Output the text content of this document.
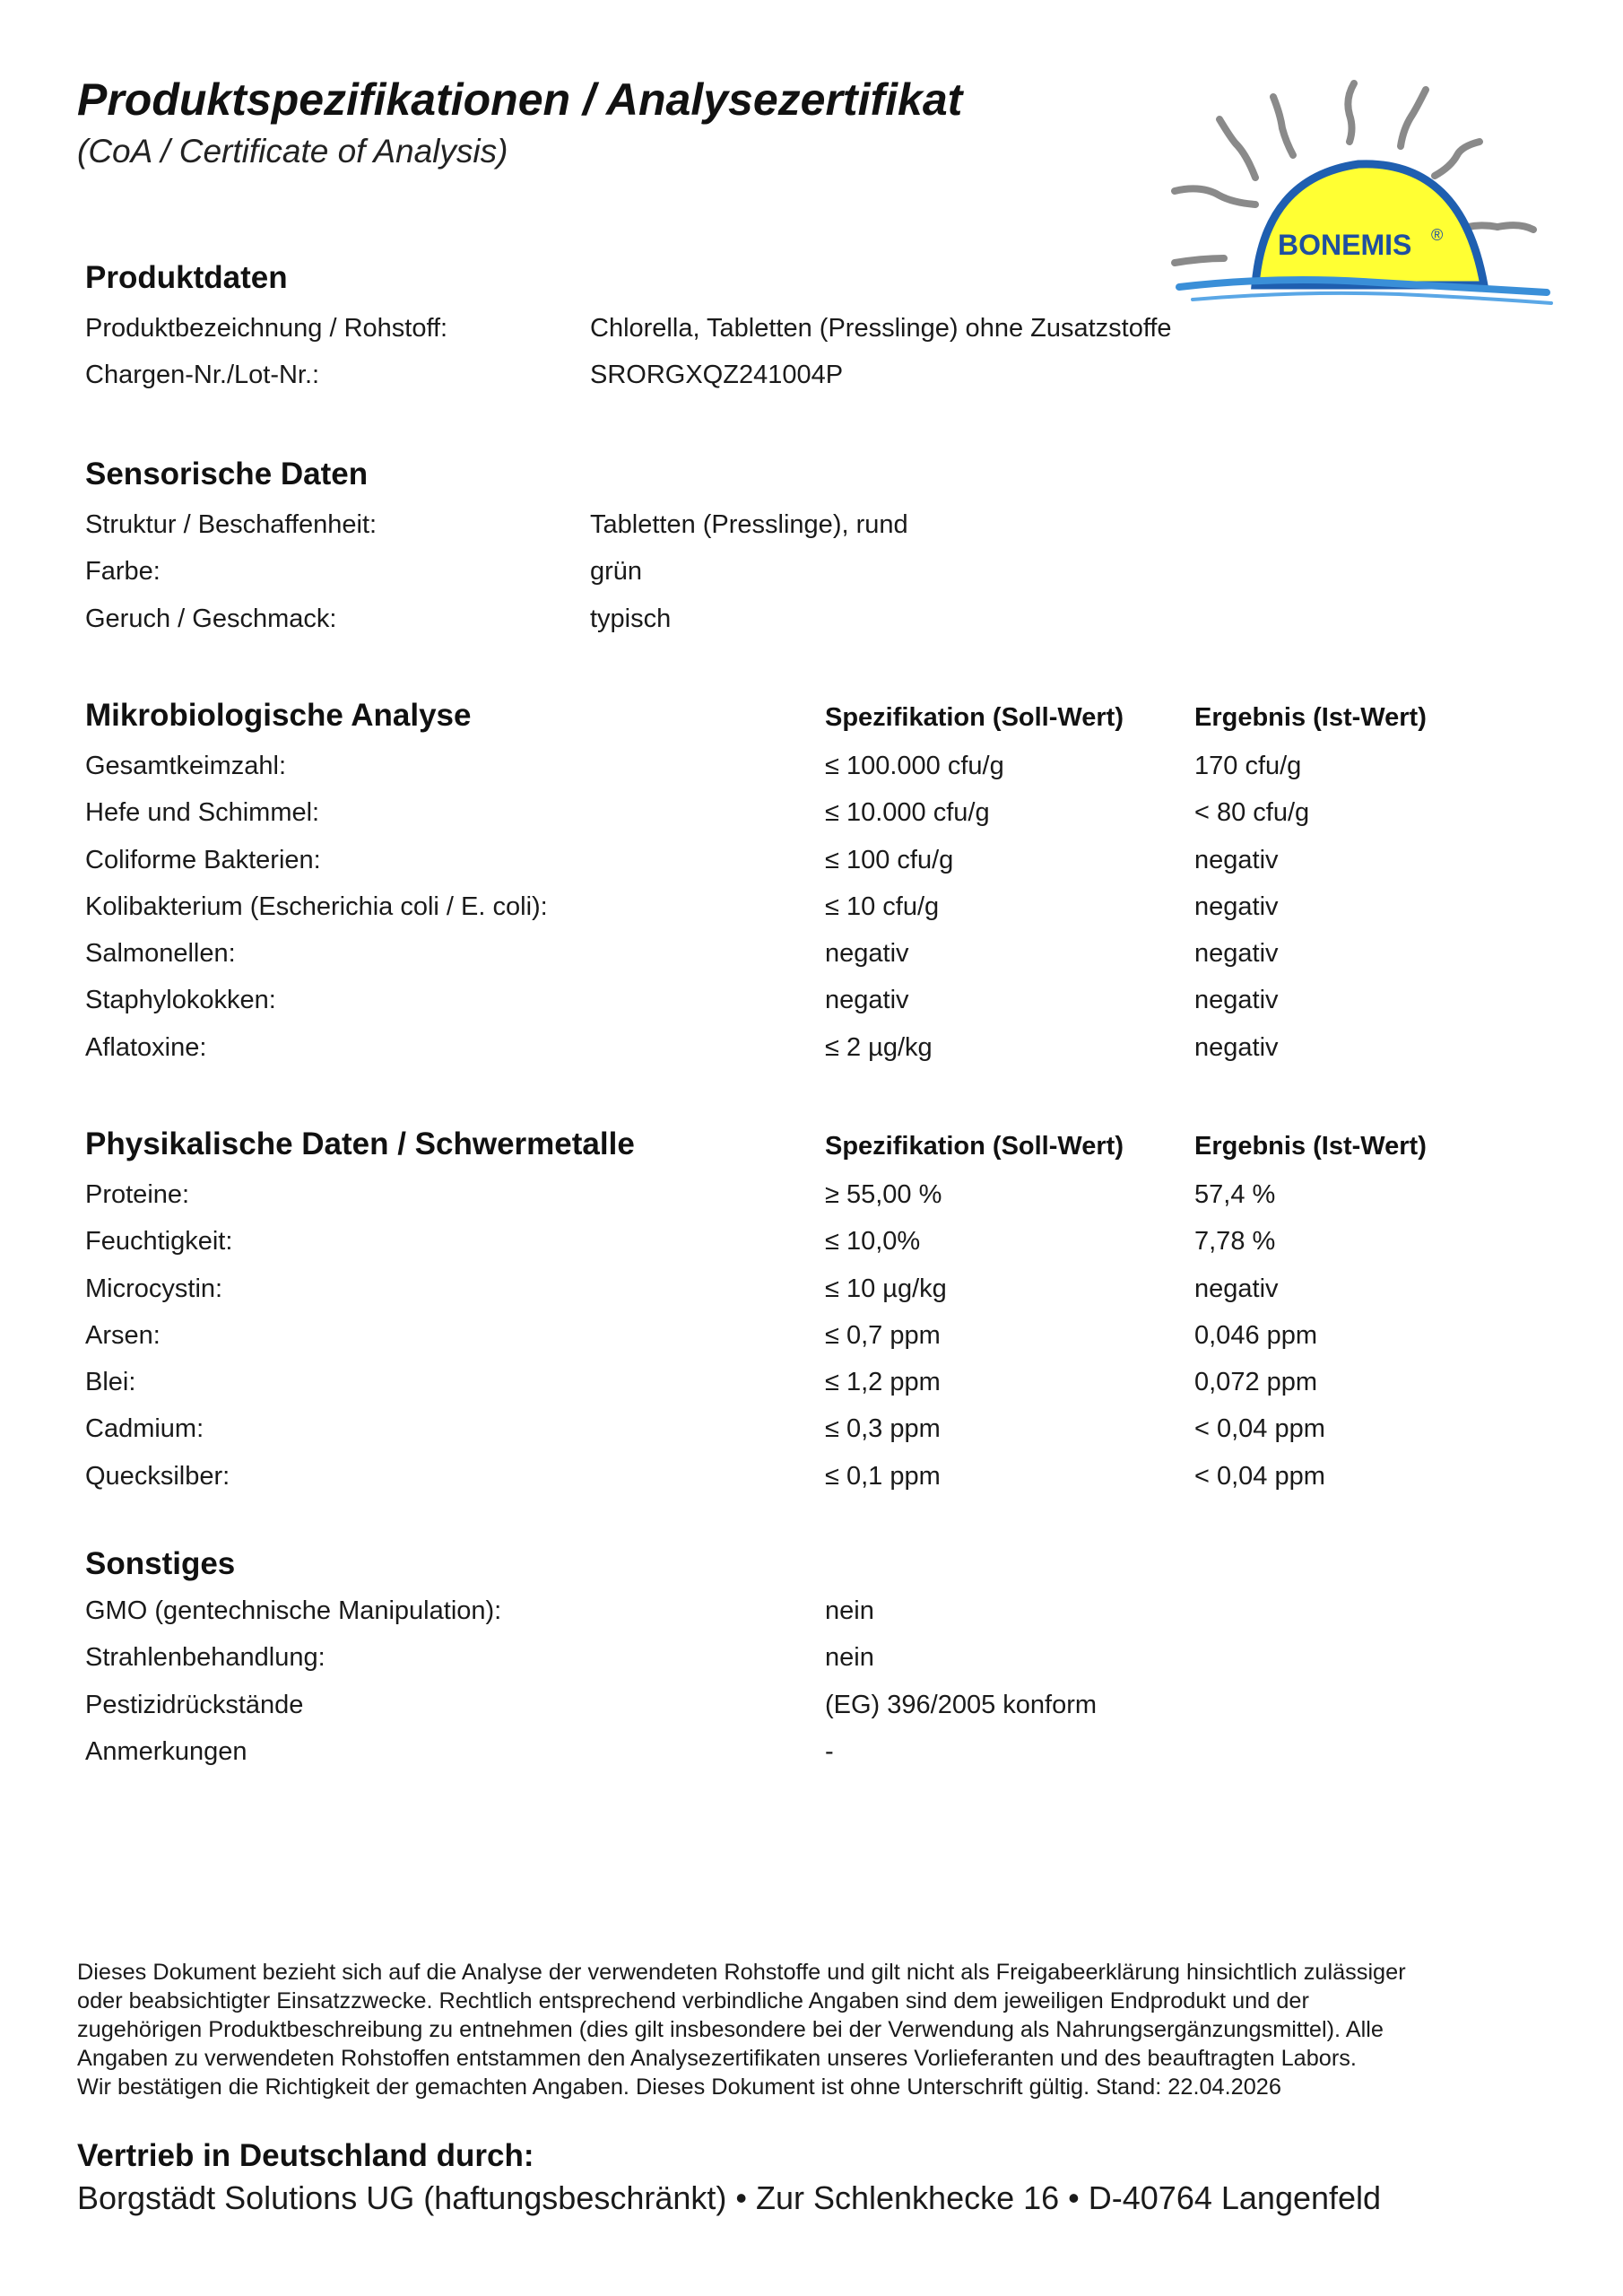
Produktspezifikationen / Analysezertifikat
(CoA / Certificate of Analysis)
BONEMIS ®
Produktdaten
Produktbezeichnung / Rohstoff:	Chlorella, Tabletten (Presslinge) ohne Zusatzstoffe
Chargen-Nr./Lot-Nr.:	SRORGXQZ241004P
Sensorische Daten
Struktur / Beschaffenheit:	Tabletten (Presslinge), rund
Farbe:	grün
Geruch / Geschmack:	typisch
Mikrobiologische Analyse	Spezifikation (Soll-Wert)	Ergebnis (Ist-Wert)
Gesamtkeimzahl:	≤ 100.000 cfu/g	170 cfu/g
Hefe und Schimmel:	≤ 10.000 cfu/g	< 80 cfu/g
Coliforme Bakterien:	≤ 100 cfu/g	negativ
Kolibakterium (Escherichia coli / E. coli):	≤ 10 cfu/g	negativ
Salmonellen:	negativ	negativ
Staphylokokken:	negativ	negativ
Aflatoxine:	≤ 2 µg/kg	negativ
Physikalische Daten / Schwermetalle	Spezifikation (Soll-Wert)	Ergebnis (Ist-Wert)
Proteine:	≥ 55,00 %	57,4 %
Feuchtigkeit:	≤ 10,0%	7,78 %
Microcystin:	≤ 10 µg/kg	negativ
Arsen:	≤ 0,7 ppm	0,046 ppm
Blei:	≤ 1,2 ppm	0,072 ppm
Cadmium:	≤ 0,3 ppm	< 0,04 ppm
Quecksilber:	≤ 0,1 ppm	< 0,04 ppm
Sonstiges
GMO (gentechnische Manipulation):	nein
Strahlenbehandlung:	nein
Pestizidrückstände	(EG) 396/2005 konform
Anmerkungen	-
Dieses Dokument bezieht sich auf die Analyse der verwendeten Rohstoffe und gilt nicht als Freigabeerklärung hinsichtlich zulässiger
oder beabsichtigter Einsatzzwecke. Rechtlich entsprechend verbindliche Angaben sind dem jeweiligen Endprodukt und der
zugehörigen Produktbeschreibung zu entnehmen (dies gilt insbesondere bei der Verwendung als Nahrungsergänzungsmittel). Alle
Angaben zu verwendeten Rohstoffen entstammen den Analysezertifikaten unseres Vorlieferanten und des beauftragten Labors.
Wir bestätigen die Richtigkeit der gemachten Angaben. Dieses Dokument ist ohne Unterschrift gültig. Stand: 22.04.2026
Vertrieb in Deutschland durch:
Borgstädt Solutions UG (haftungsbeschränkt) • Zur Schlenkhecke 16 • D-40764 Langenfeld
